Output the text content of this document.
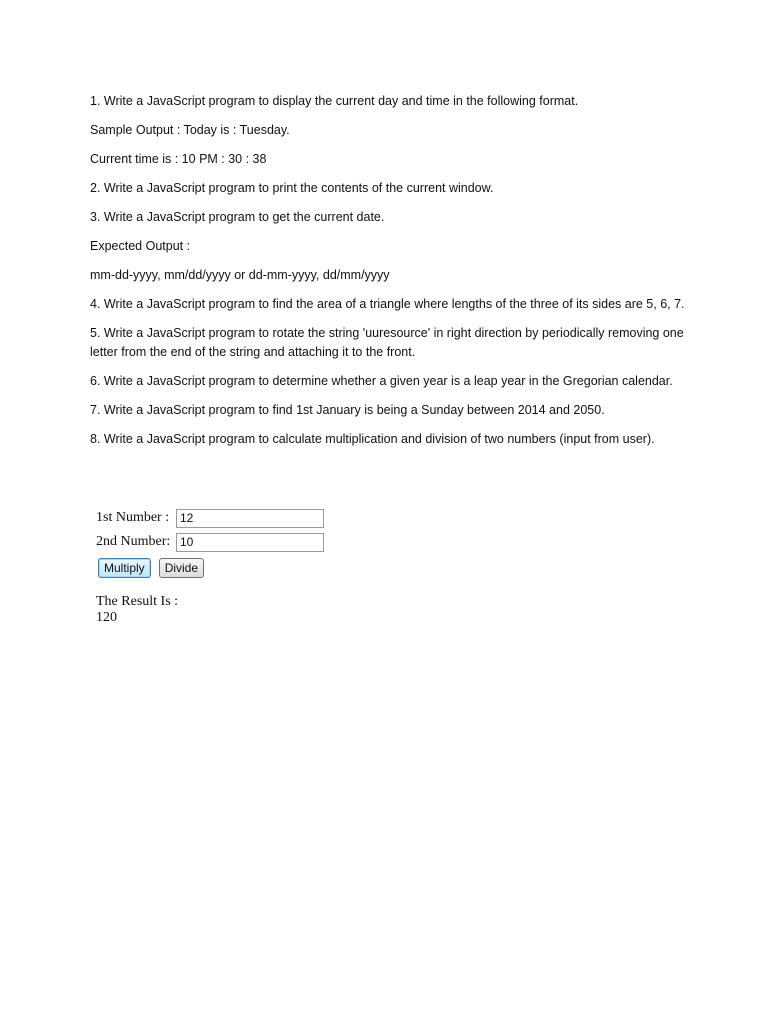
1. Write a JavaScript program to display the current day and time in the following format.

Sample Output : Today is : Tuesday.

Current time is : 10 PM : 30 : 38

2. Write a JavaScript program to print the contents of the current window.

3. Write a JavaScript program to get the current date.

Expected Output :

mm-dd-yyyy, mm/dd/yyyy or dd-mm-yyyy, dd/mm/yyyy

4. Write a JavaScript program to find the area of a triangle where lengths of the three of its sides are 5, 6, 7.

5. Write a JavaScript program to rotate the string 'uuresource' in right direction by periodically removing one letter from the end of the string and attaching it to the front.

6. Write a JavaScript program to determine whether a given year is a leap year in the Gregorian calendar.

7. Write a JavaScript program to find 1st January is being a Sunday between 2014 and 2050.

8. Write a JavaScript program to calculate multiplication and division of two numbers (input from user).

1st Number :
12
2nd Number:
10
Multiply	Divide
The Result Is :
120
